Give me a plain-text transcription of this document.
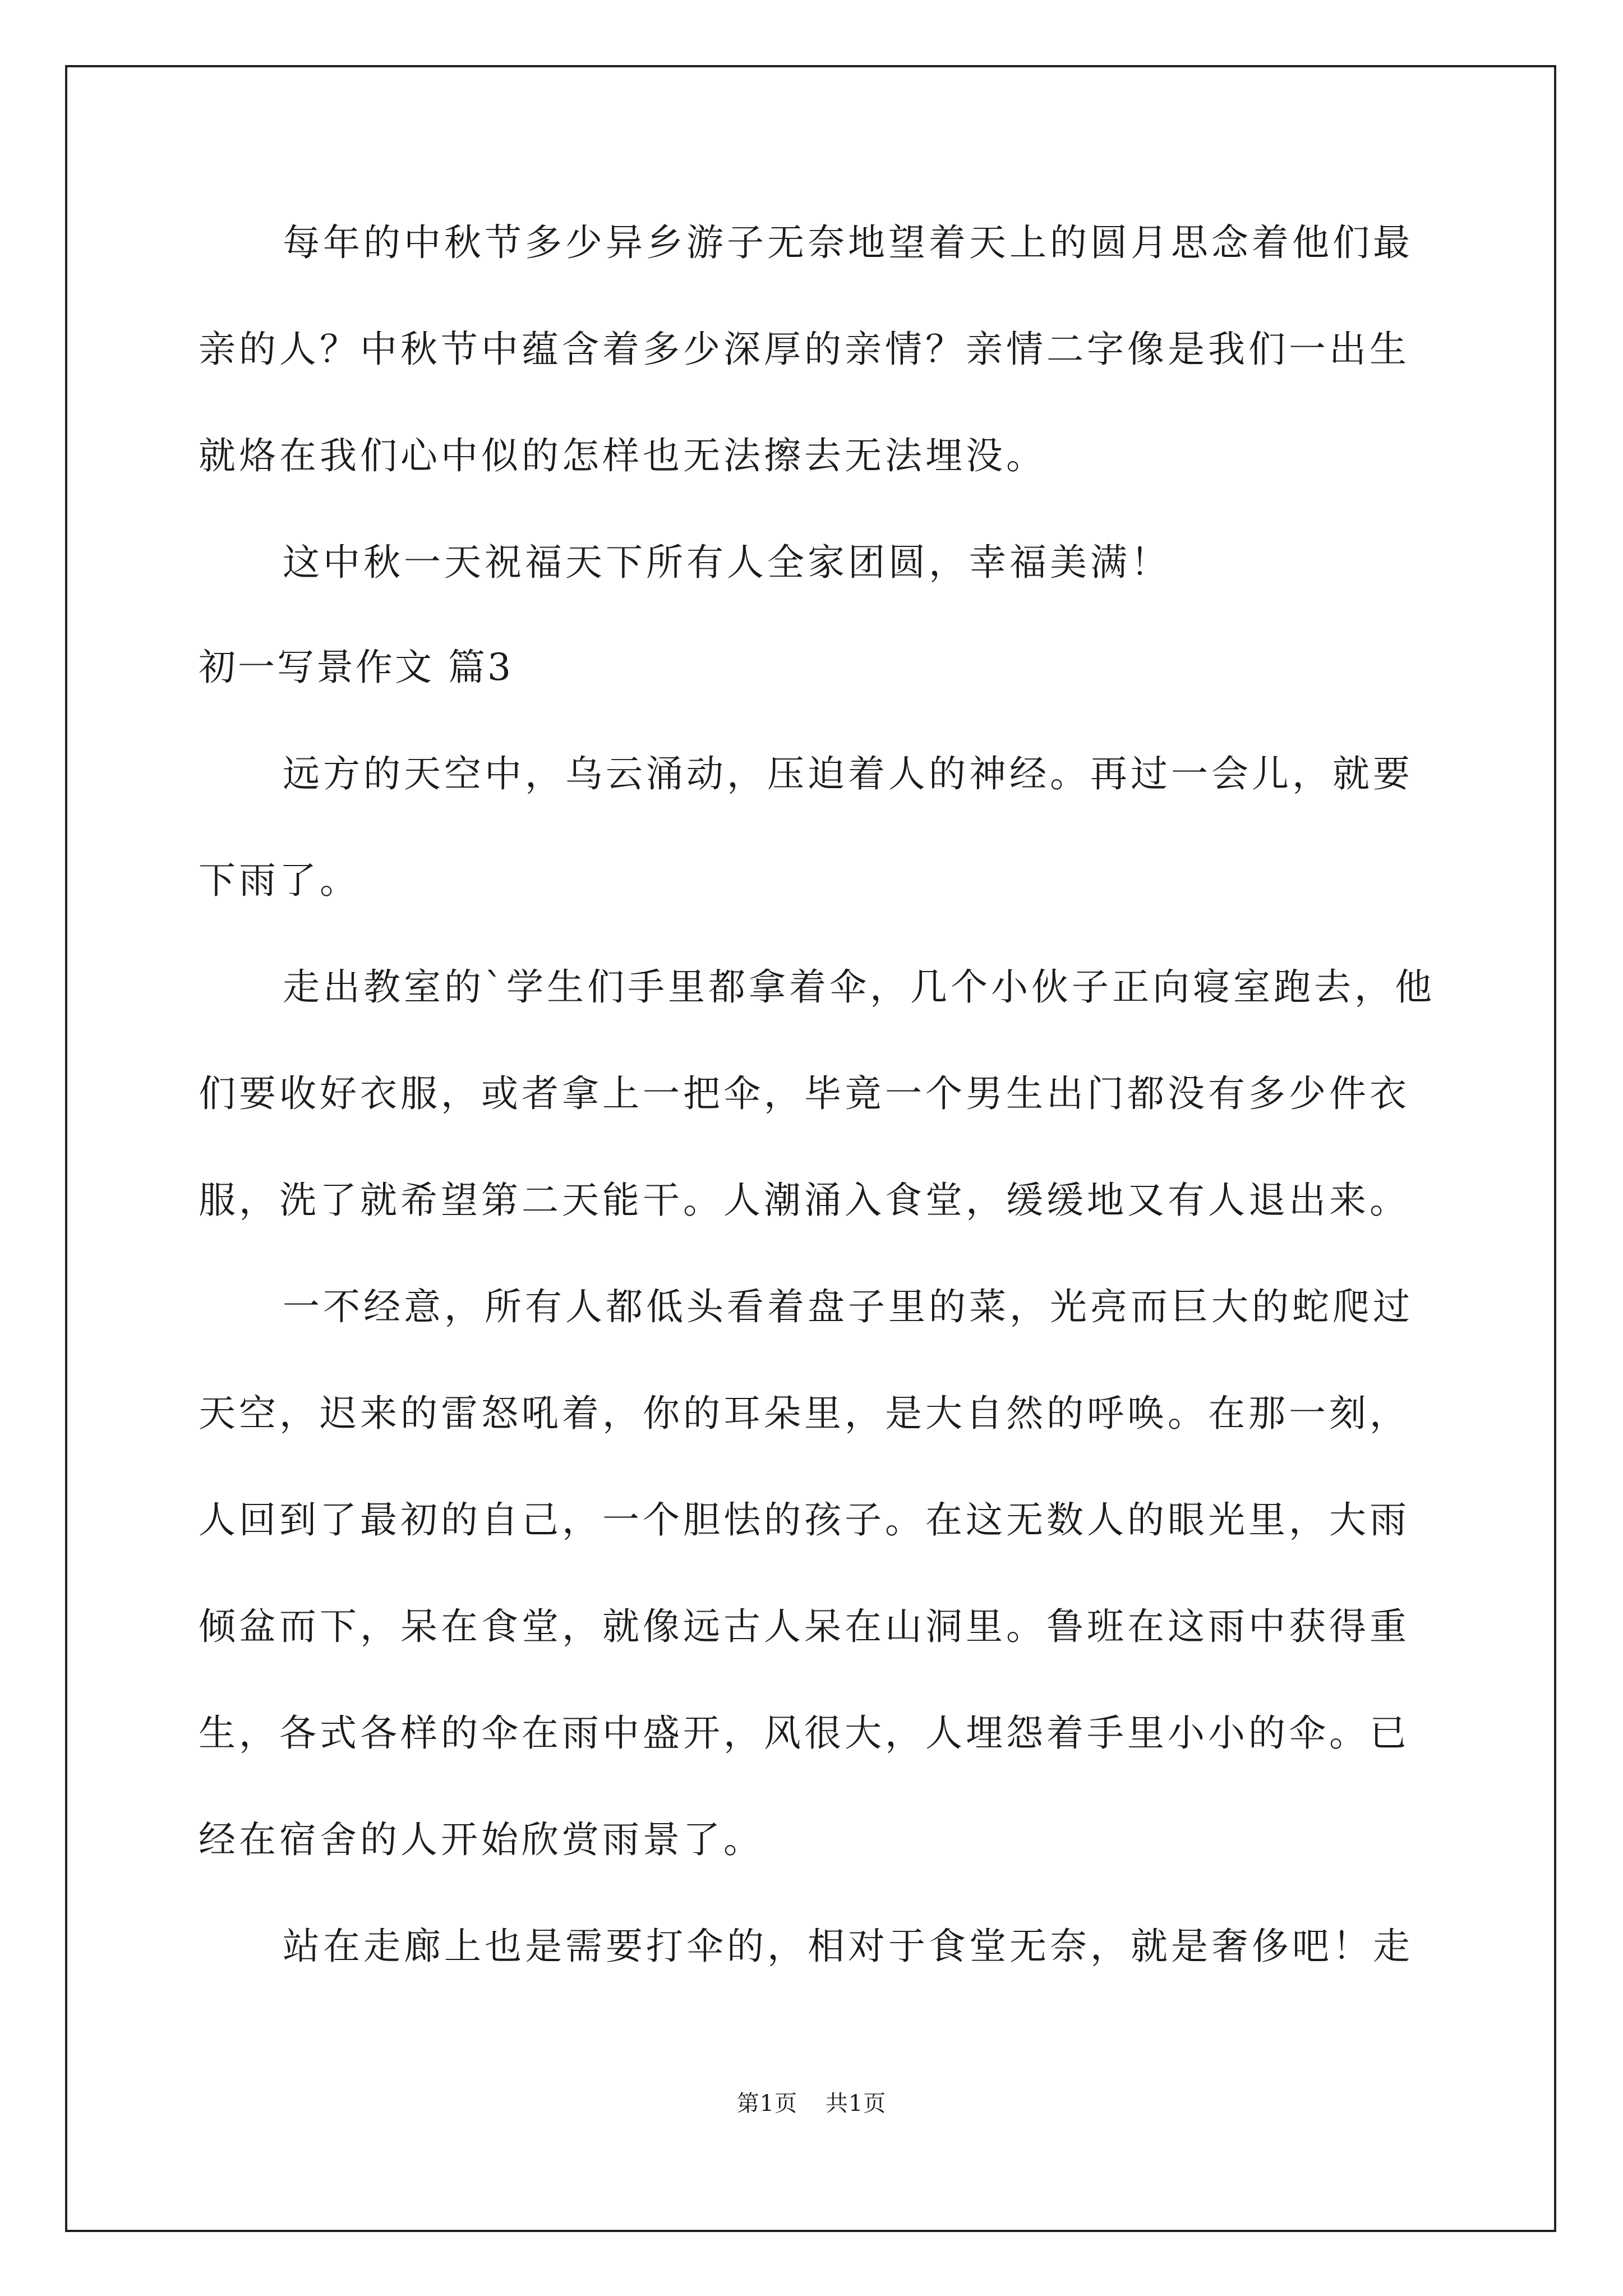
每年的中秋节多少异乡游子无奈地望着天上的圆月思念着他们最
亲的人？中秋节中蕴含着多少深厚的亲情？亲情二字像是我们一出生
就烙在我们心中似的怎样也无法擦去无法埋没。
这中秋一天祝福天下所有人全家团圆，幸福美满！
初一写景作文 篇3
远方的天空中，乌云涌动，压迫着人的神经。再过一会儿，就要
下雨了。
走出教室的`学生们手里都拿着伞，几个小伙子正向寝室跑去，他
们要收好衣服，或者拿上一把伞，毕竟一个男生出门都没有多少件衣
服，洗了就希望第二天能干。人潮涌入食堂，缓缓地又有人退出来。
一不经意，所有人都低头看着盘子里的菜，光亮而巨大的蛇爬过
天空，迟来的雷怒吼着，你的耳朵里，是大自然的呼唤。在那一刻，
人回到了最初的自己，一个胆怯的孩子。在这无数人的眼光里，大雨
倾盆而下，呆在食堂，就像远古人呆在山洞里。鲁班在这雨中获得重
生，各式各样的伞在雨中盛开，风很大，人埋怨着手里小小的伞。已
经在宿舍的人开始欣赏雨景了。
站在走廊上也是需要打伞的，相对于食堂无奈，就是奢侈吧！走
第1页 共1页
